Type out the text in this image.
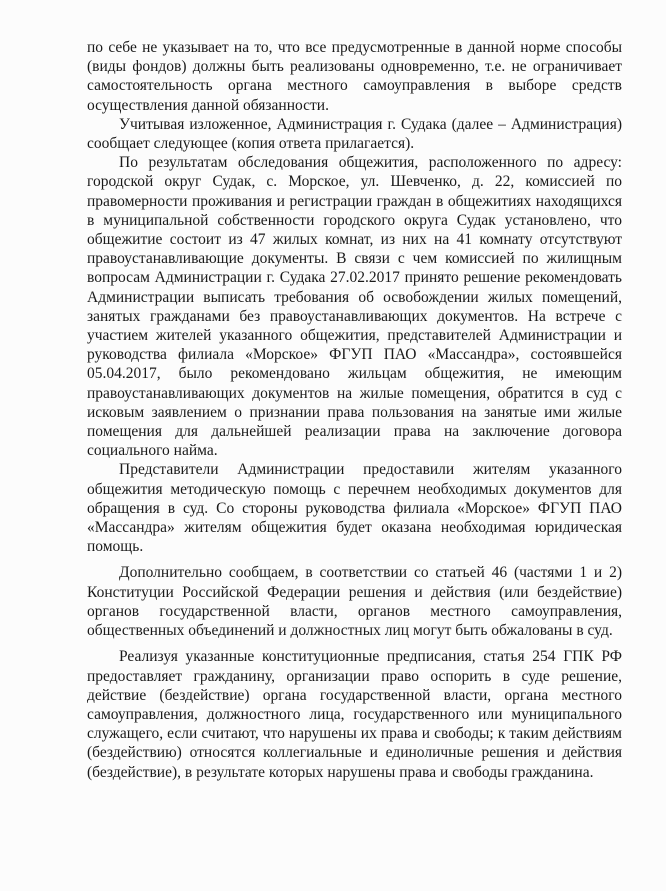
по себе не указывает на то, что все предусмотренные в данной норме способы (виды фондов) должны быть реализованы одновременно, т.е. не ограничивает самостоятельность органа местного самоуправления в выборе средств осуществления данной обязанности.

Учитывая изложенное, Администрация г. Судака (далее – Администрация) сообщает следующее (копия ответа прилагается).

По результатам обследования общежития, расположенного по адресу: городской округ Судак, с. Морское, ул. Шевченко, д. 22, комиссией по правомерности проживания и регистрации граждан в общежитиях находящихся в муниципальной собственности городского округа Судак установлено, что общежитие состоит из 47 жилых комнат, из них на 41 комнату отсутствуют правоустанавливающие документы. В связи с чем комиссией по жилищным вопросам Администрации г. Судака 27.02.2017 принято решение рекомендовать Администрации выписать требования об освобождении жилых помещений, занятых гражданами без правоустанавливающих документов. На встрече с участием жителей указанного общежития, представителей Администрации и руководства филиала «Морское» ФГУП ПАО «Массандра», состоявшейся 05.04.2017, было рекомендовано жильцам общежития, не имеющим правоустанавливающих документов на жилые помещения, обратится в суд с исковым заявлением о признании права пользования на занятые ими жилые помещения для дальнейшей реализации права на заключение договора социального найма.

Представители Администрации предоставили жителям указанного общежития методическую помощь с перечнем необходимых документов для обращения в суд. Со стороны руководства филиала «Морское» ФГУП ПАО «Массандра» жителям общежития будет оказана необходимая юридическая помощь.

Дополнительно сообщаем, в соответствии со статьей 46 (частями 1 и 2) Конституции Российской Федерации решения и действия (или бездействие) органов государственной власти, органов местного самоуправления, общественных объединений и должностных лиц могут быть обжалованы в суд.

Реализуя указанные конституционные предписания, статья 254 ГПК РФ предоставляет гражданину, организации право оспорить в суде решение, действие (бездействие) органа государственной власти, органа местного самоуправления, должностного лица, государственного или муниципального служащего, если считают, что нарушены их права и свободы; к таким действиям (бездействию) относятся коллегиальные и единоличные решения и действия (бездействие), в результате которых нарушены права и свободы гражданина.
